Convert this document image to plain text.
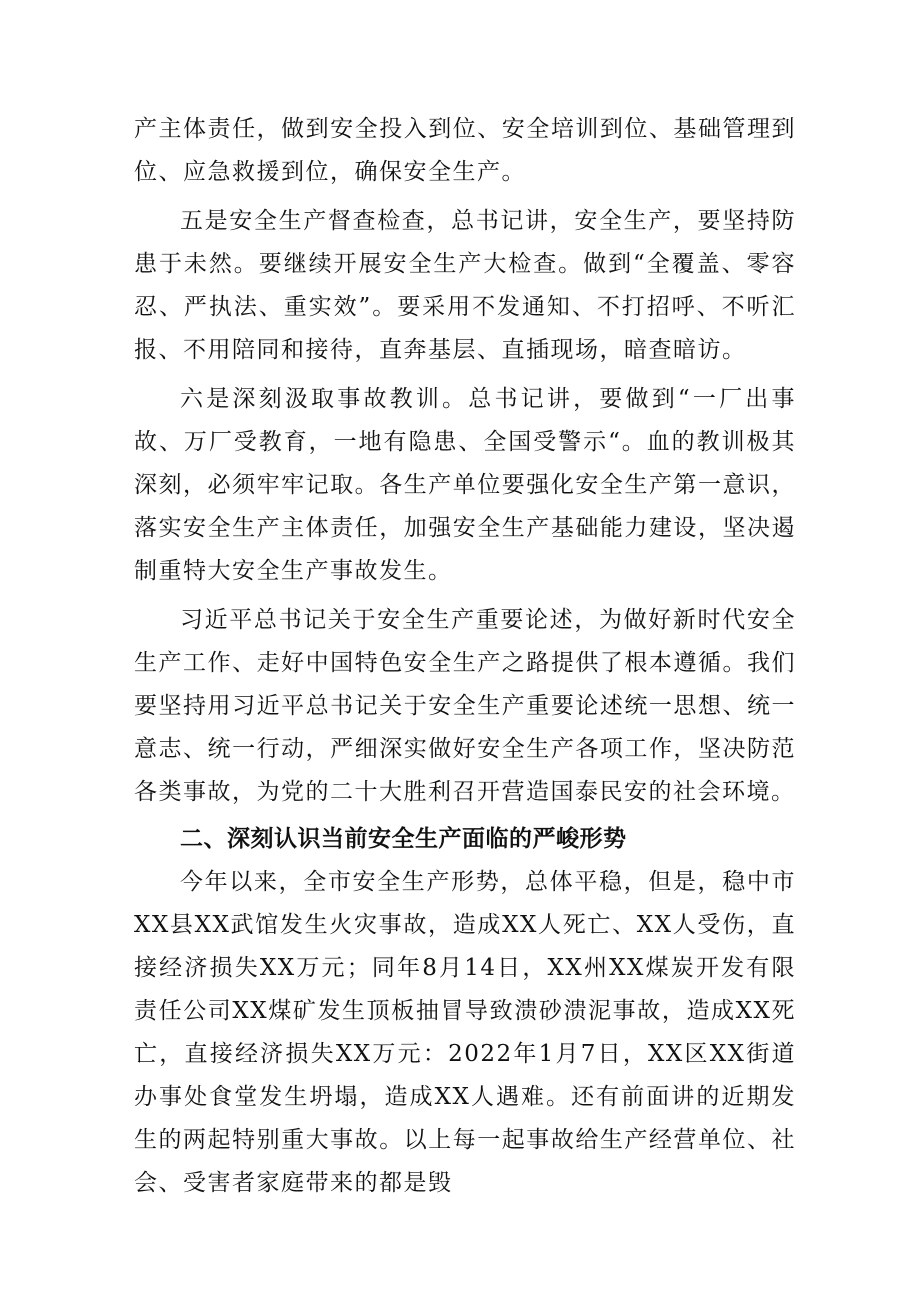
产主体责任，做到安全投入到位、安全培训到位、基础管理到位、应急救援到位，确保安全生产。

五是安全生产督查检查，总书记讲，安全生产，要坚持防患于未然。要继续开展安全生产大检查。做到“全覆盖、零容忍、严执法、重实效”。要采用不发通知、不打招呼、不听汇报、不用陪同和接待，直奔基层、直插现场，暗查暗访。

六是深刻汲取事故教训。总书记讲，要做到“一厂出事故、万厂受教育，一地有隐患、全国受警示“。血的教训极其深刻，必须牢牢记取。各生产单位要强化安全生产第一意识，落实安全生产主体责任，加强安全生产基础能力建设，坚决遏制重特大安全生产事故发生。

习近平总书记关于安全生产重要论述，为做好新时代安全生产工作、走好中国特色安全生产之路提供了根本遵循。我们要坚持用习近平总书记关于安全生产重要论述统一思想、统一意志、统一行动，严细深实做好安全生产各项工作，坚决防范各类事故，为党的二十大胜利召开营造国泰民安的社会环境。

二、深刻认识当前安全生产面临的严峻形势

今年以来，全市安全生产形势，总体平稳，但是，稳中市XX县XX武馆发生火灾事故，造成XX人死亡、XX人受伤，直接经济损失XX万元；同年8月14日，XX州XX煤炭开发有限责任公司XX煤矿发生顶板抽冒导致溃砂溃泥事故，造成XX死亡，直接经济损失XX万元：2022年1月7日，XX区XX街道办事处食堂发生坍塌，造成XX人遇难。还有前面讲的近期发生的两起特别重大事故。以上每一起事故给生产经营单位、社会、受害者家庭带来的都是毁
